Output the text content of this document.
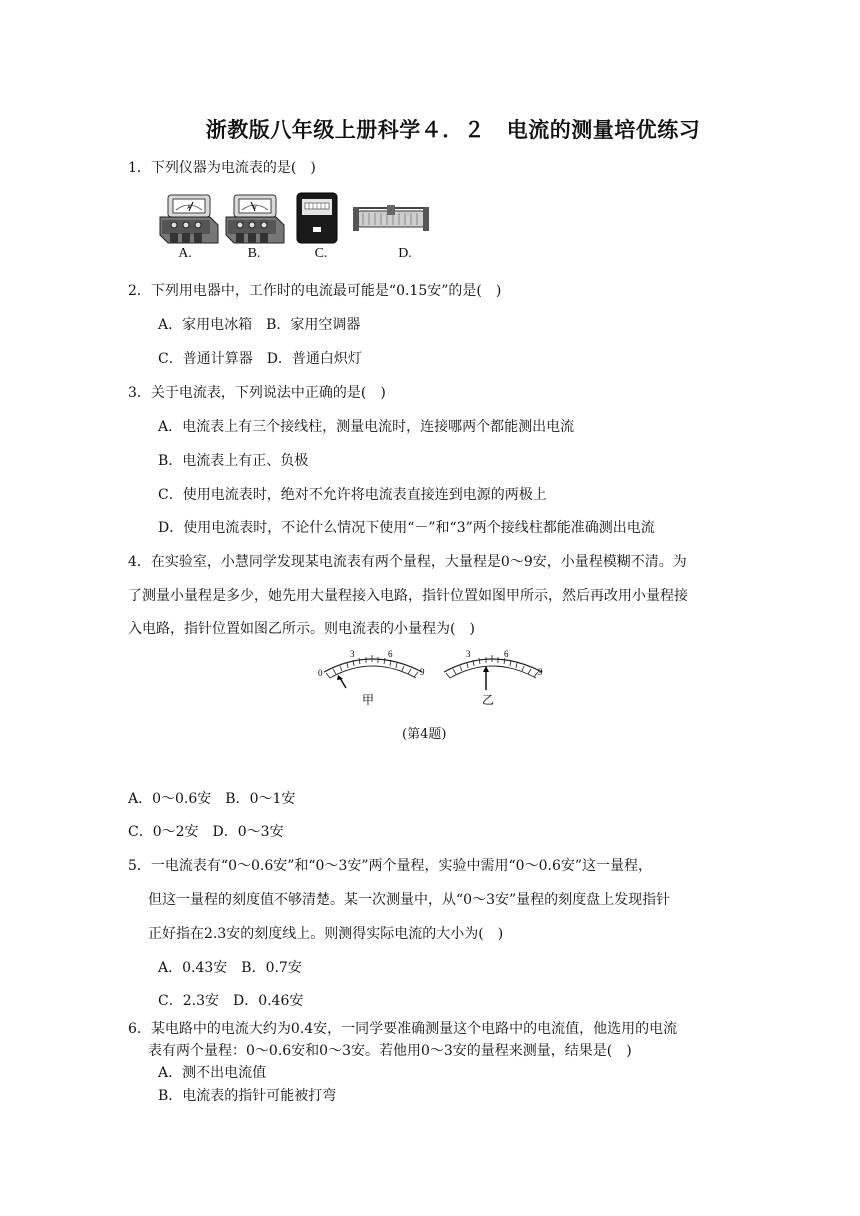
浙教版八年级上册科学４．２　电流的测量培优练习
1．下列仪器为电流表的是(　)
A	V
A.	B.	C.	D.
2．下列用电器中，工作时的电流最可能是“0.15安”的是(　)
A．家用电冰箱　B．家用空调器
C．普通计算器　D．普通白炽灯
3．关于电流表，下列说法中正确的是(　)
A．电流表上有三个接线柱，测量电流时，连接哪两个都能测出电流
B．电流表上有正、负极
C．使用电流表时，绝对不允许将电流表直接连到电源的两极上
D．使用电流表时，不论什么情况下使用“－”和“3”两个接线柱都能准确测出电流
4．在实验室，小慧同学发现某电流表有两个量程，大量程是0～9安，小量程模糊不清。为
了测量小量程是多少，她先用大量程接入电路，指针位置如图甲所示，然后再改用小量程接
入电路，指针位置如图乙所示。则电流表的小量程为(　)
0
3	6
9
3	6
9
甲	乙
(第4题)
A．0～0.6安　B．0～1安
C．0～2安　D．0～3安
5．一电流表有“0～0.6安”和“0～3安”两个量程，实验中需用“0～0.6安”这一量程，
但这一量程的刻度值不够清楚。某一次测量中，从“0～3安”量程的刻度盘上发现指针
正好指在2.3安的刻度线上。则测得实际电流的大小为(　)
A．0.43安　B．0.7安
C．2.3安　D．0.46安
6．某电路中的电流大约为0.4安，一同学要准确测量这个电路中的电流值，他选用的电流
表有两个量程：0～0.6安和0～3安。若他用0～3安的量程来测量，结果是(　)
A．测不出电流值
B．电流表的指针可能被打弯
